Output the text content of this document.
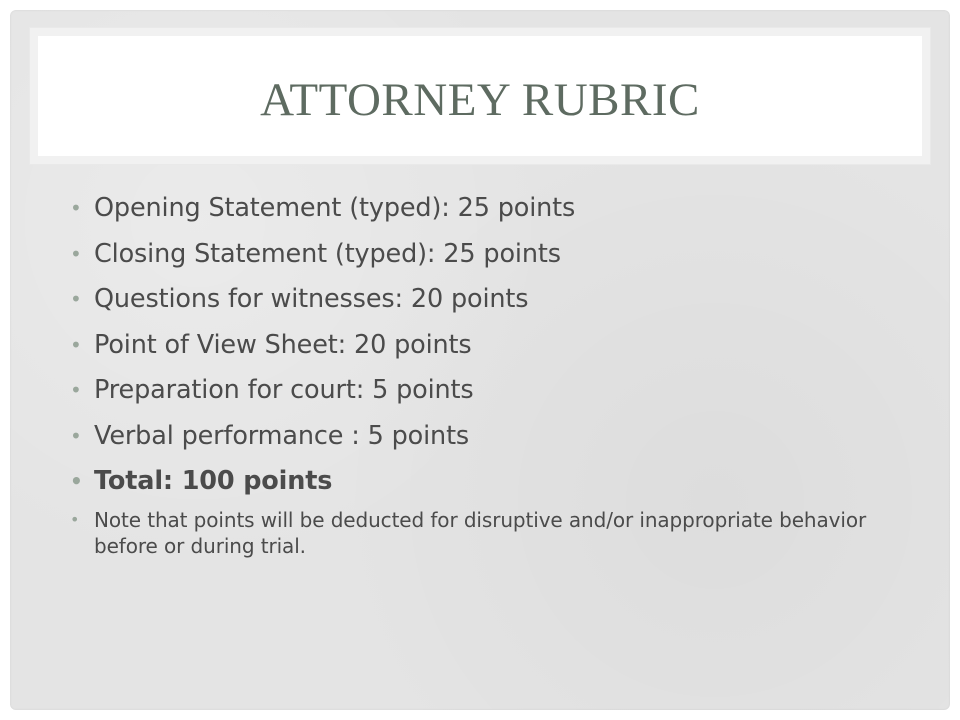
ATTORNEY RUBRIC
• Opening Statement (typed): 25 points
• Closing Statement (typed): 25 points
• Questions for witnesses: 20 points
• Point of View Sheet: 20 points
• Preparation for court: 5 points
• Verbal performance : 5 points
• Total: 100 points
• Note that points will be deducted for disruptive and/or inappropriate behavior before or during trial.
